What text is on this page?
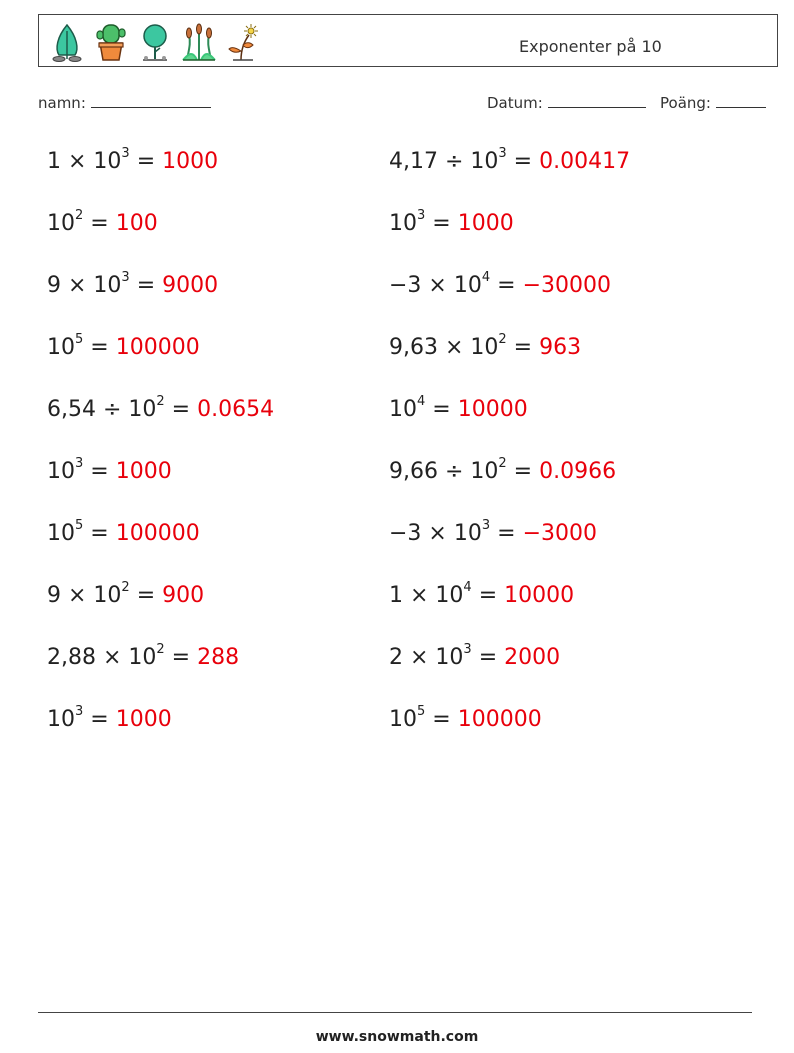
Exponenter på 10
namn:	Datum:	Poäng:
$1 \times 10^3 = 1000$	$4,17 \div 10^3 = 0.00417$
$10^2 = 100$	$10^3 = 1000$
$9 \times 10^3 = 9000$	$-3 \times 10^4 = -30000$
$10^5 = 100000$	$9,63 \times 10^2 = 963$
$6,54 \div 10^2 = 0.0654$	$10^4 = 10000$
$10^3 = 1000$	$9,66 \div 10^2 = 0.0966$
$10^5 = 100000$	$-3 \times 10^3 = -3000$
$9 \times 10^2 = 900$	$1 \times 10^4 = 10000$
$2,88 \times 10^2 = 288$	$2 \times 10^3 = 2000$
$10^3 = 1000$	$10^5 = 100000$
www.snowmath.com
